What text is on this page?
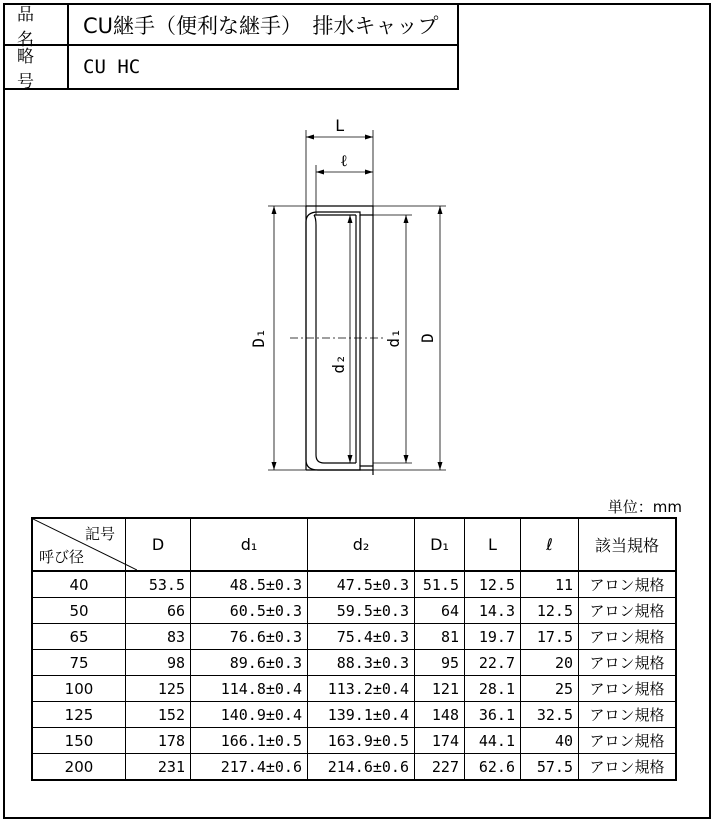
品 名
CU継手（便利な継手）　排水キャップ
略 号
CU HC
L
ℓ
D₁
d₂
d₁ D
単位：mm
記号
呼び径	D	d₁	d₂	D₁	L	ℓ	該当規格
40	53.5	48.5±0.3	47.5±0.3	51.5	12.5	11	アロン規格
50	66	60.5±0.3	59.5±0.3	64	14.3	12.5	アロン規格
65	83	76.6±0.3	75.4±0.3	81	19.7	17.5	アロン規格
75	98	89.6±0.3	88.3±0.3	95	22.7	20	アロン規格
100	125	114.8±0.4	113.2±0.4	121	28.1	25	アロン規格
125	152	140.9±0.4	139.1±0.4	148	36.1	32.5	アロン規格
150	178	166.1±0.5	163.9±0.5	174	44.1	40	アロン規格
200	231	217.4±0.6	214.6±0.6	227	62.6	57.5	アロン規格
